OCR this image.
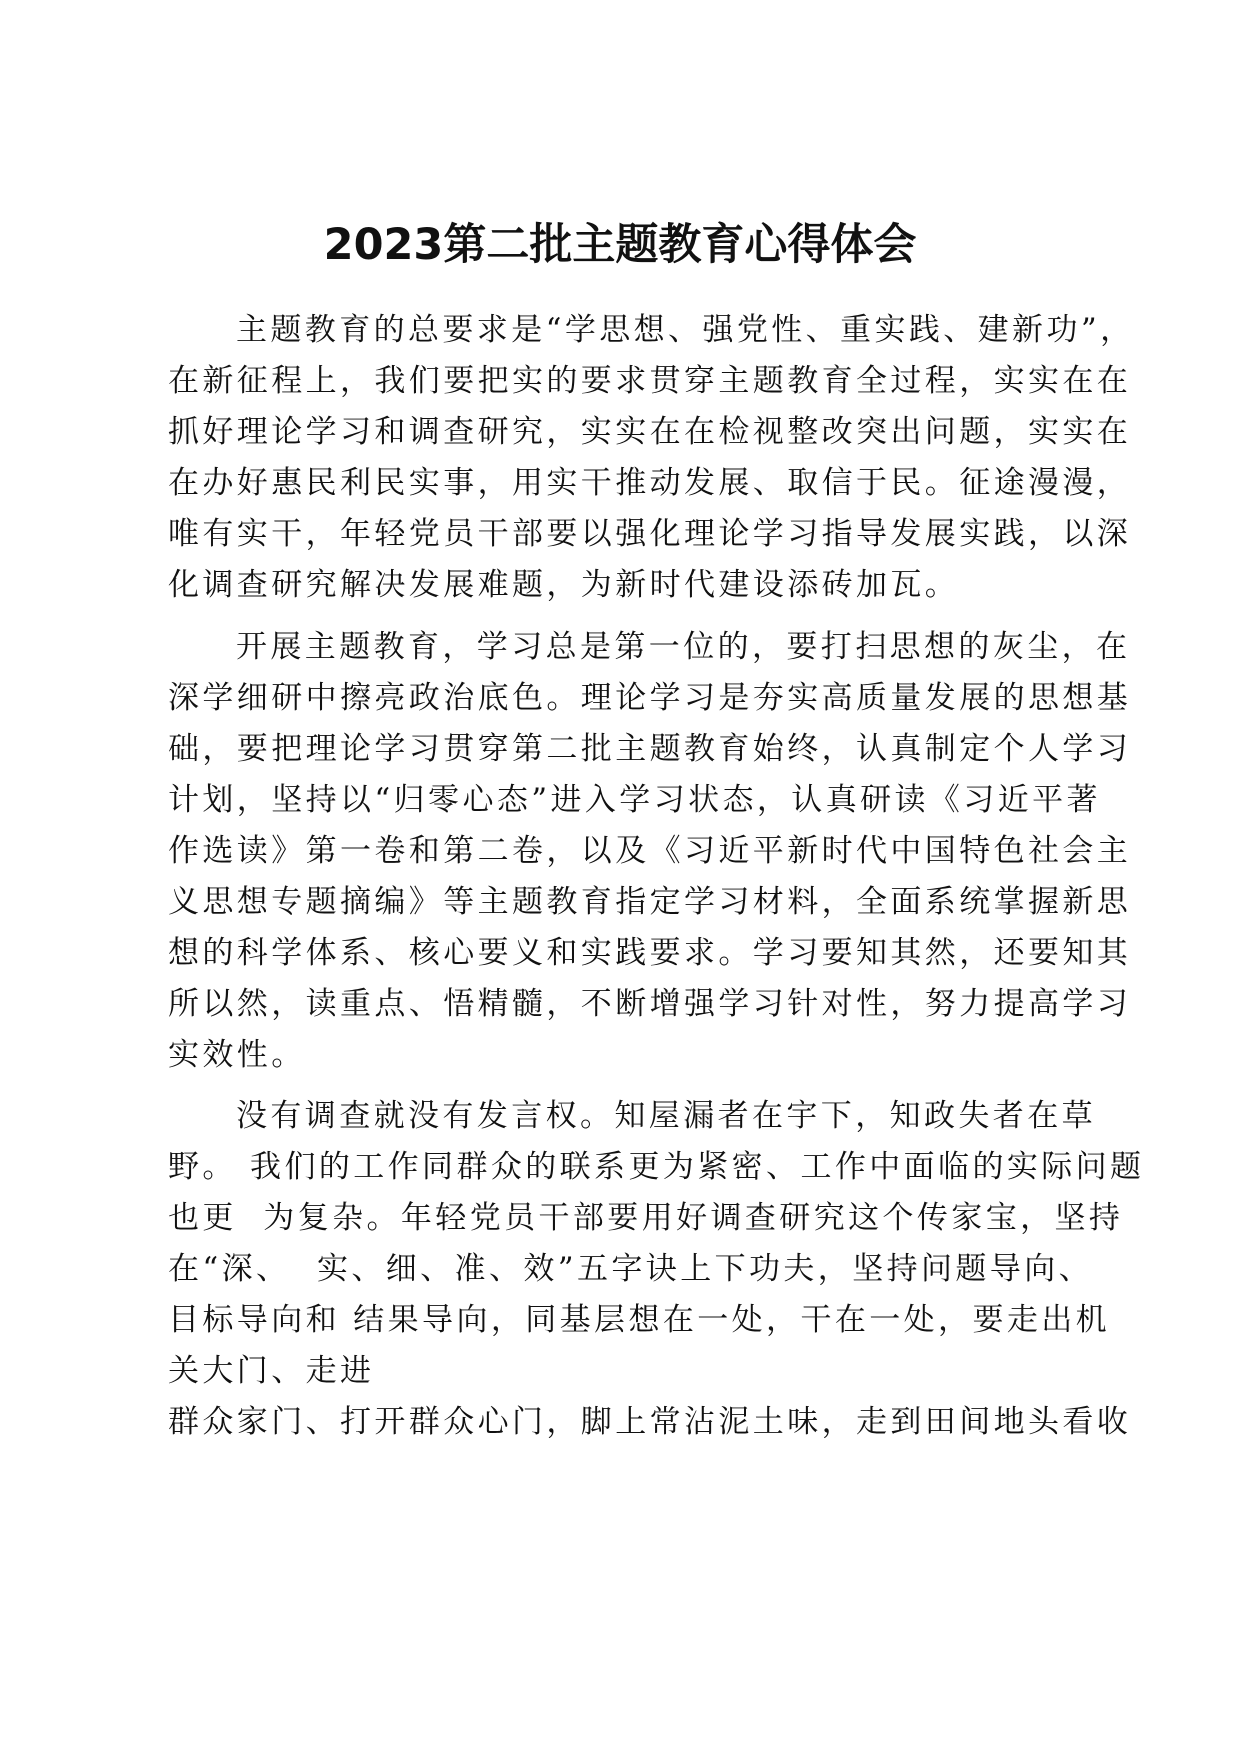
2023第二批主题教育心得体会

主题教育的总要求是“学思想、强党性、重实践、建新功”，

在新征程上，我们要把实的要求贯穿主题教育全过程，实实在在

抓好理论学习和调查研究，实实在在检视整改突出问题，实实在

在办好惠民利民实事，用实干推动发展、取信于民。征途漫漫，

唯有实干，年轻党员干部要以强化理论学习指导发展实践，以深

化调查研究解决发展难题，为新时代建设添砖加瓦。

开展主题教育，学习总是第一位的，要打扫思想的灰尘，在

深学细研中擦亮政治底色。理论学习是夯实高质量发展的思想基

础，要把理论学习贯穿第二批主题教育始终，认真制定个人学习

计划，坚持以“归零心态”进入学习状态，认真研读《习近平著

作选读》第一卷和第二卷，以及《习近平新时代中国特色社会主

义思想专题摘编》等主题教育指定学习材料，全面系统掌握新思

想的科学体系、核心要义和实践要求。学习要知其然，还要知其

所以然，读重点、悟精髓，不断增强学习针对性，努力提高学习

实效性。

没有调查就没有发言权。知屋漏者在宇下，知政失者在草

野。 我们的工作同群众的联系更为紧密、工作中面临的实际问题

也更  为复杂。年轻党员干部要用好调查研究这个传家宝，坚持

在“深、  实、细、准、效”五字诀上下功夫，坚持问题导向、

目标导向和 结果导向，同基层想在一处，干在一处，要走出机

关大门、走进

群众家门、打开群众心门，脚上常沾泥土味，走到田间地头看收
